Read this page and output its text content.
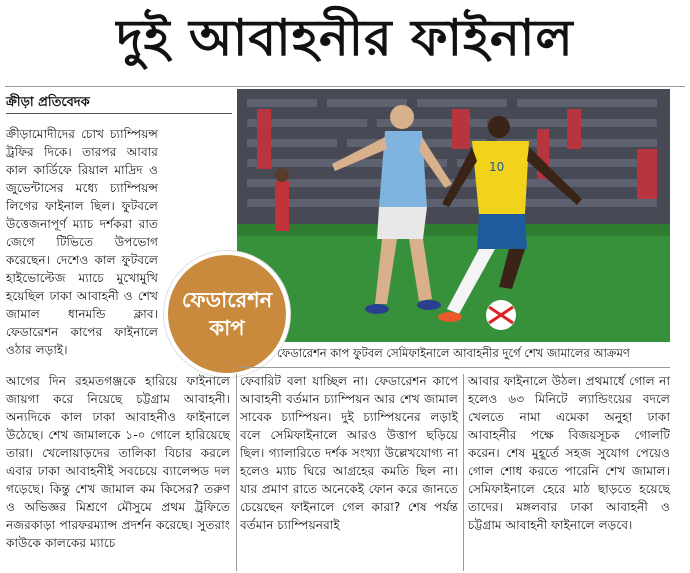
দুই আবাহনীর ফাইনাল
ক্রীড়া প্রতিবেদক
10
ফেডারেশন
কাপ
ফেডারেশন কাপ ফুটবল সেমিফাইনালে আবাহনীর দুর্গে শেখ জামালের আক্রমণ

ক্রীড়ামোদীদের চোখ চ্যাম্পিয়ন্স ট্রফির দিকে। তারপর আবার কাল কার্ডিফে রিয়াল মাদ্রিদ ও জুভেন্টাসের মধ্যে চ্যাম্পিয়ন্স লিগের ফাইনাল ছিল। ফুটবলে উত্তেজনাপূর্ণ ম্যাচ দর্শকরা রাত জেগে টিভিতে উপভোগ করেছেন। দেশেও কাল ফুটবলে হাইভোল্টেজ ম্যাচে মুখোমুখি হয়েছিল ঢাকা আবাহনী ও শেখ জামাল ধানমন্ডি ক্লাব। ফেডারেশন কাপের ফাইনালে ওঠার লড়াই।

আগের দিন রহমতগঞ্জকে হারিয়ে ফাইনালে জায়গা করে নিয়েছে চট্টগ্রাম আবাহনী। অন্যদিকে কাল ঢাকা আবাহনীও ফাইনালে উঠেছে। শেখ জামালকে ১-০ গোলে হারিয়েছে তারা। খেলোয়াড়দের তালিকা বিচার করলে এবার ঢাকা আবাহনীই সবচেয়ে ব্যালেন্সড দল গড়েছে। কিন্তু শেখ জামাল কম কিসের? তরুণ ও অভিজ্ঞর মিশ্রণে মৌসুমে প্রথম ট্রফিতে নজরকাড়া পারফরম্যান্স প্রদর্শন করেছে। সুতরাং কাউকে কালকের ম্যাচে

ফেবারিট বলা যাচ্ছিল না। ফেডারেশন কাপে আবাহনী বর্তমান চ্যাম্পিয়ন আর শেখ জামাল সাবেক চ্যাম্পিয়ন। দুই চ্যাম্পিয়নের লড়াই বলে সেমিফাইনালে আরও উত্তাপ ছড়িয়ে ছিল। গ্যালারিতে দর্শক সংখ্যা উল্লেখযোগ্য না হলেও ম্যাচ ঘিরে আগ্রহের কমতি ছিল না। যার প্রমাণ রাতে অনেকেই ফোন করে জানতে চেয়েছেন ফাইনালে গেল কারা? শেষ পর্যন্ত বর্তমান চ্যাম্পিয়নরাই

আবার ফাইনালে উঠল। প্রথমার্ধে গোল না হলেও ৬৩ মিনিটে ল্যান্ডিংয়ের বদলে খেলতে নামা এমেকা অনুহা ঢাকা আবাহনীর পক্ষে বিজয়সূচক গোলটি করেন। শেষ মুহূর্তে সহজ সুযোগ পেয়েও গোল শোধ করতে পারেনি শেখ জামাল। সেমিফাইনালে হেরে মাঠ ছাড়তে হয়েছে তাদের। মঙ্গলবার ঢাকা আবাহনী ও চট্টগ্রাম আবাহনী ফাইনালে লড়বে।
